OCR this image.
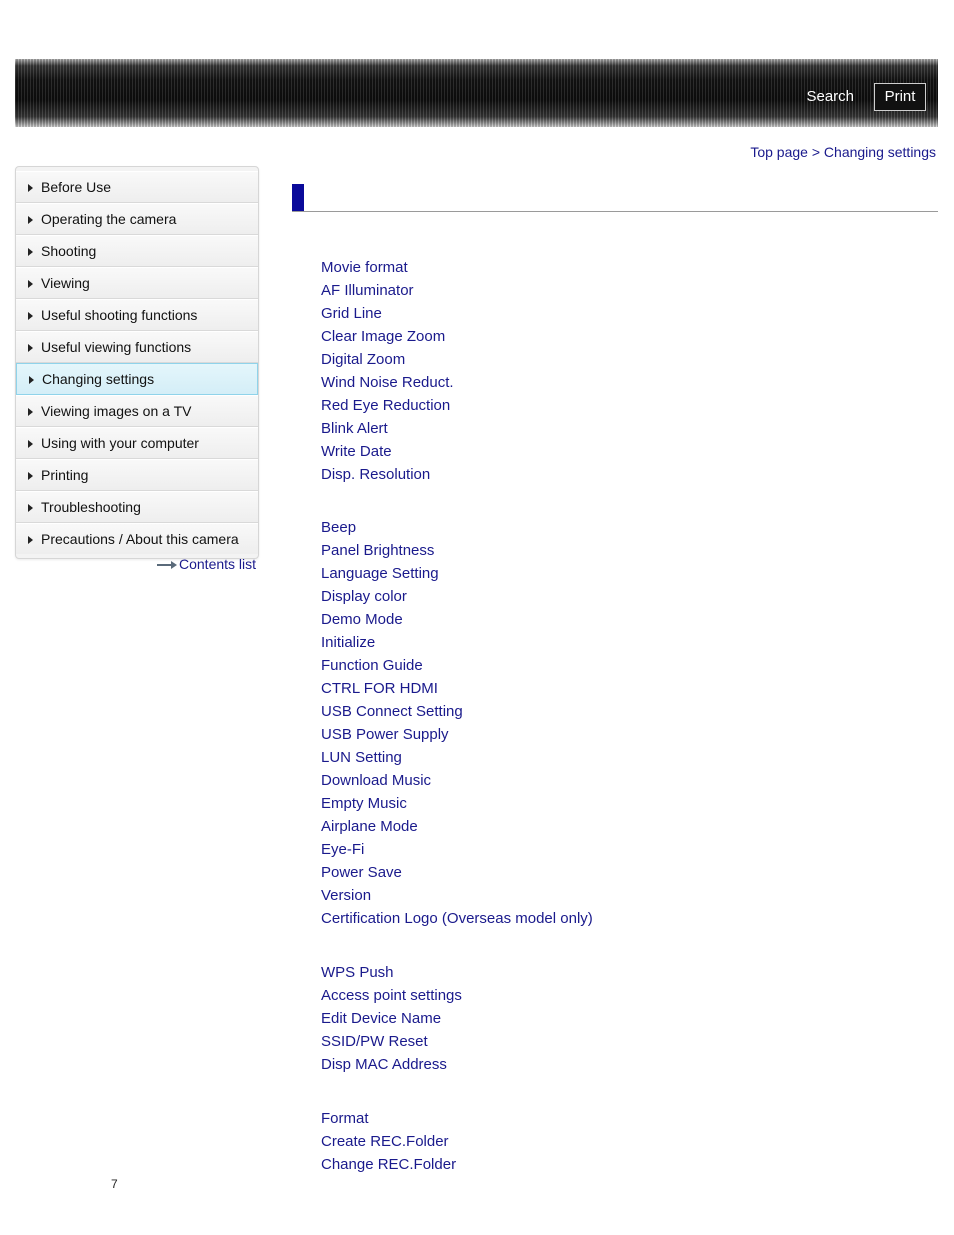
Search	Print
Top page > Changing settings
Before Use
Operating the camera
Shooting
Viewing
Useful shooting functions
Useful viewing functions
Changing settings
Viewing images on a TV
Using with your computer
Printing
Troubleshooting
Precautions / About this camera
Contents list
Movie format
AF Illuminator
Grid Line
Clear Image Zoom
Digital Zoom
Wind Noise Reduct.
Red Eye Reduction
Blink Alert
Write Date
Disp. Resolution
Beep
Panel Brightness
Language Setting
Display color
Demo Mode
Initialize
Function Guide
CTRL FOR HDMI
USB Connect Setting
USB Power Supply
LUN Setting
Download Music
Empty Music
Airplane Mode
Eye-Fi
Power Save
Version
Certification Logo (Overseas model only)
WPS Push
Access point settings
Edit Device Name
SSID/PW Reset
Disp MAC Address
Format
Create REC.Folder
Change REC.Folder
7
